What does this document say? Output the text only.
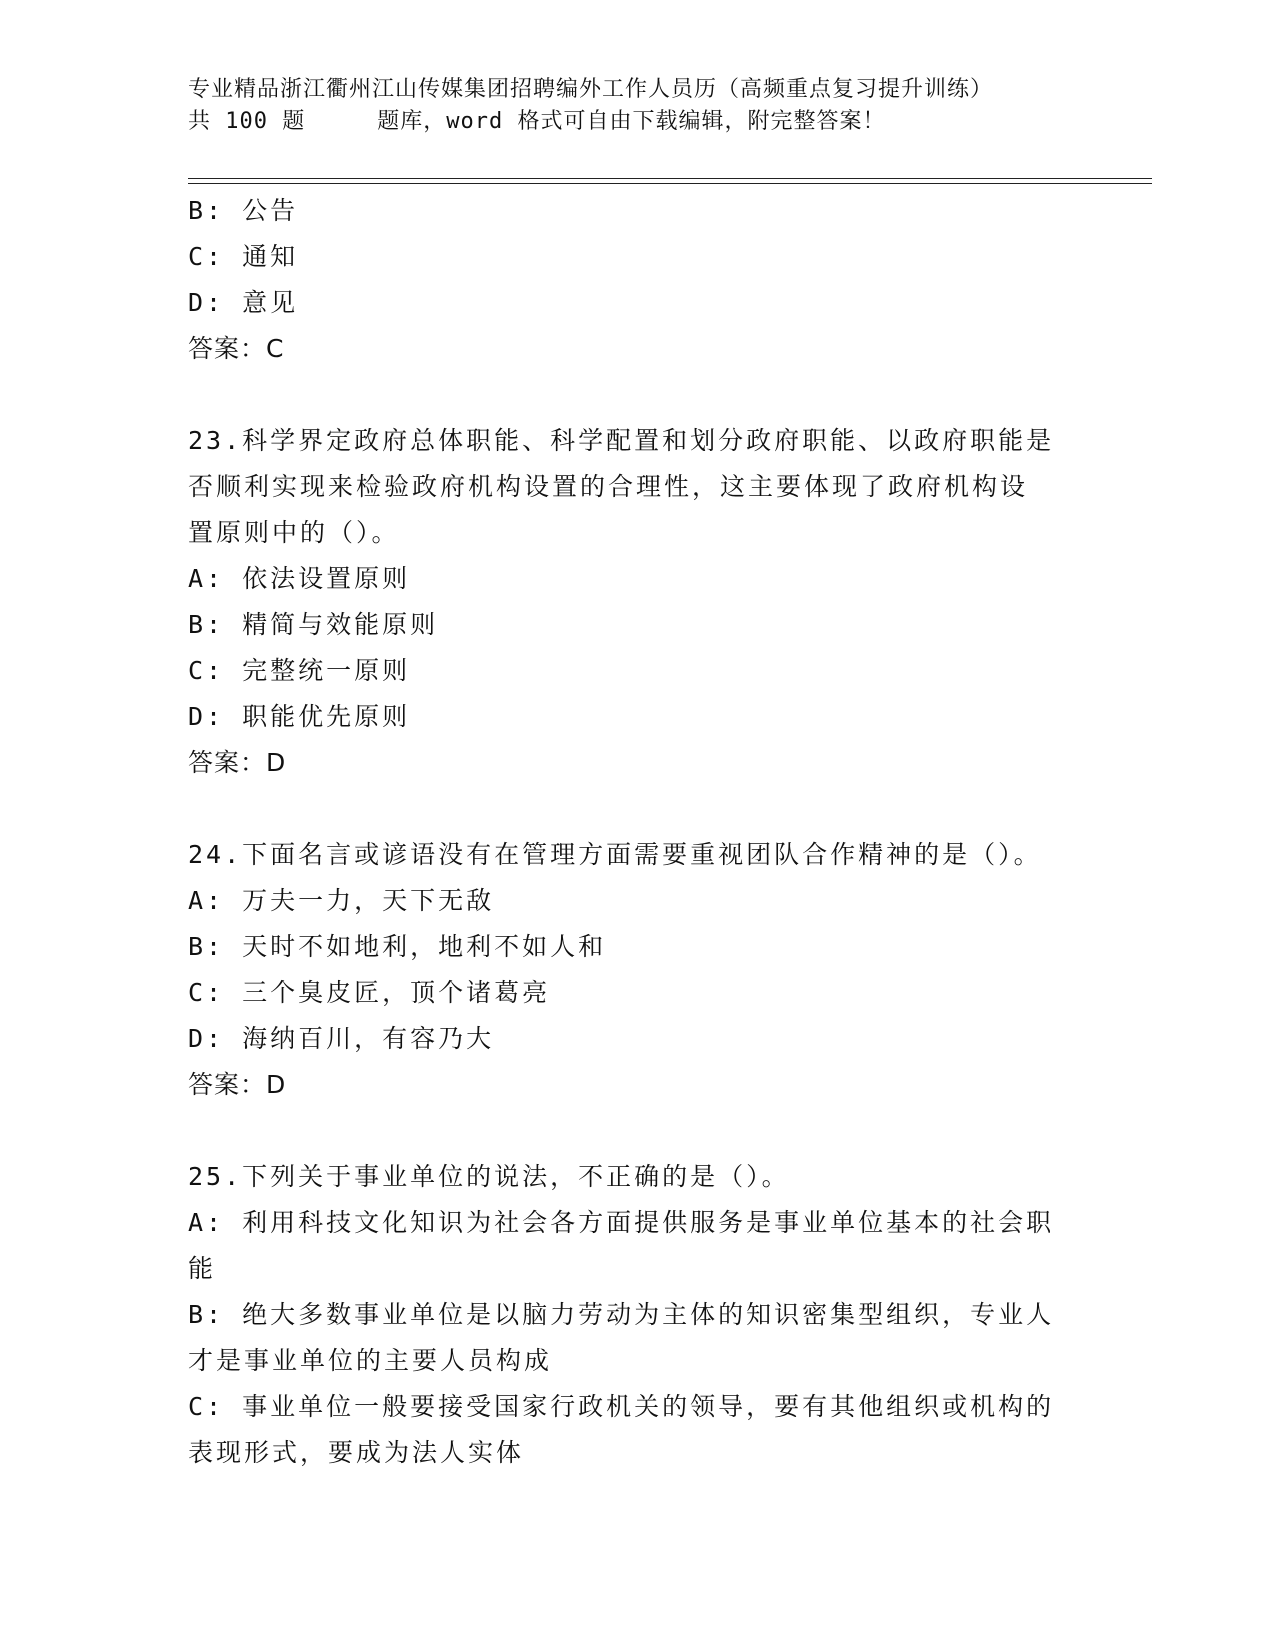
专业精品浙江衢州江山传媒集团招聘编外工作人员历（高频重点复习提升训练）
共 100 题	题库，word 格式可自由下载编辑，附完整答案！
B: 公告
C: 通知
D: 意见
答案：C
23.科学界定政府总体职能、科学配置和划分政府职能、以政府职能是
否顺利实现来检验政府机构设置的合理性，这主要体现了政府机构设
置原则中的（）。
A: 依法设置原则
B: 精简与效能原则
C: 完整统一原则
D: 职能优先原则
答案：D
24.下面名言或谚语没有在管理方面需要重视团队合作精神的是（）。
A: 万夫一力，天下无敌
B: 天时不如地利，地利不如人和
C: 三个臭皮匠，顶个诸葛亮
D: 海纳百川，有容乃大
答案：D
25.下列关于事业单位的说法，不正确的是（）。
A: 利用科技文化知识为社会各方面提供服务是事业单位基本的社会职
能
B: 绝大多数事业单位是以脑力劳动为主体的知识密集型组织，专业人
才是事业单位的主要人员构成
C: 事业单位一般要接受国家行政机关的领导，要有其他组织或机构的
表现形式，要成为法人实体
